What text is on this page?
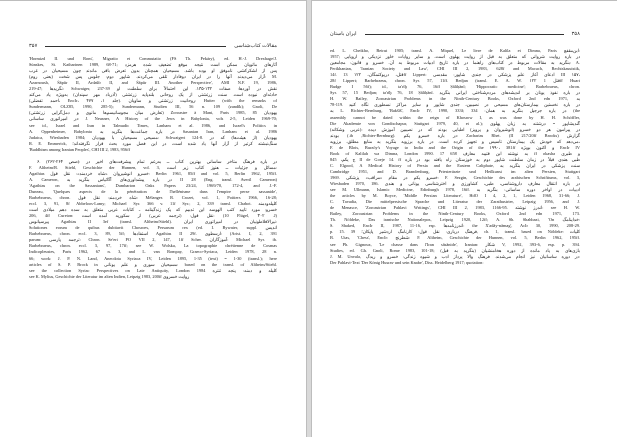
۳۵۷	مقالات کتاب‌شناسی
'Hormizd II. und Rom', Migratio et Commutatio (FS Th. Pekáry), ed. H.-J. Drexhage/J.
Sünskes, St. Katharinen 1989, 68-71; آثارهای ماتویان ممکن است نتیجه موقع تضعیف شده هرمزد
پس از لشکرکشی ناموفق او بوده باشد. مسیحیان همچنان بدون تعرض باقی ماندند چون مسیحیان در غرب
(یعنی روم) آزار می‌دیدند آنها را در ایران دوفادار تلقی می‌کردند. شاپور دوم: جلوس پس شخت: M.
Azarnoush, Šāpūr II, Ardašīr II, and Šāpūr III. Another Perspective', AMI N.F. 19, 1986,
219-47; نگریدها: Schwaiger, 237-39 نقش در آوردها: صفات ۱۳۲-۱۳۵. این احتمالاً برای سلطنت او
حادثه‌ای نبوده است. سنت زرتشتی از یک روحانی بلندپایه زرتشتی (آذرباد مهر سپندان) به‌ویژه یاد می‌کند
(احمد تفضلی، EncIr، جلد ۱، ۴۷۷). روحانیت زرتشتی و ساویان: Hutter (with the remarks of
Sundermann, OLZ85, 1990, 285-5); Sundermann, Studien III, 56 n. 109 (zandīk); Gnoli, De
(تعارض میان مجوسانیسم‌ها مانوی و دمل‌گرایی زرتشتی) Zoroastre à Mani, Paris 1985, 85 یهودیان
در امپراتوری ساسانی: J. Neusner, A History of the Jews in Babylonia, vols 2-5, Leiden 1969-70;
see id., Israel and Iran in Talmudic Times, Lanham et al. 1986, and Israel's Politics in
A. Oppenheimer, Babylonia در باره جماعت‌ها بنگرید به Sasanian Iran, Lanham et al. 1986
Judaica, Wiesbaden 1984; مسیحی مسیحیان با یهودیان: Schwaigert 124-8. یهودیان (از هیئت‌ها) که در
R. E. Emmerick, سنگ‌نبشته کرتیر از آزار آنها یاد شده است، در این فصل مورد بحث قرار نگرفته‌اند؛
'Buddhism among Iranian Peoples', CHI III 2, 1983, 956ff
۶. (صص ۲۶۴-۲۶۲): در باره فرهنگ متأخر ساسانی بهترین کتاب ــ به‌رغم تمام پیشرفت‌های اخیر در
F. Altheim/R. Stiehl, Geschichte der Hunnen, vol. 3, مسائل و جزئیات ــ هنوز کتاب زیر است:
Agathias خسرو انوشیروان «شاه خردمند»: نقل قول: Berlin 1961, 85ff and vol. 5, Berlin 1962, 195ff.
A. Cameron, در باره پیشداوری‌های آگاثیاس بنگرید به II 28 (Eng. transl. Averil Cameron)
'Agathias on the Sassanians', Dumbarton Oaks Papers 23/24, 1969/70, 172-4, and J.-F.
Duneau, 'Quelques aspects de la pénétration de l'hellénisme dans l'empire perse sassanide',
Barhebraeus, chron. شاه خردمند: نقل قول: Mélanges R. Crozet, vol. 1, Poitiers 1966, 16-28;
eccl. 3, 91, 8f Abbeloos-Lamy; Michael Syr. 366 v. 11f Syr.; 2, 339 transl. Chabot. کلیله‌ودمنه
خسرو: مورد تأیید کتب الهوسه این تدبیم که یک زندگینامه ـ کتابات عربی متعلق به سده دهم میلادی است
206, 4ff Cureton: نقل قول: (ترجمه عربی) از سکوریه آمده است: (10 Flügel, ۳۰۲ .J)
پیرسیانوس Agathias II 3ef (transl. Altheim/Stiehl). نیرالافلاطونیان در امپراتوری ایران:
Solutiones eorum de quibus dubitavit Chosroes, Persarum rex (ed. I. Bywater, suppl. اندیس
Barhebraeus, chron. eccl. 3, 89, 5ff; استفادها Agathias II 29f. ارسطوی: (Arist. I, 2, 391
parum: ترجمه پارسی: Chron. Se'ert PO VII 2, 147, 1ff Scher. آموزگاران: Michael Syr. ib.
Barhebraeus, chron. eccl. 3, 97, 17ff; see W. Wolska, La topographie chrétienne de Cosmas
Indicopleustes, Paris 1962, 67 n. 3, and L. van Rompay, Graeco-Syriaca, Leiden 1978, 28 n.
66; work: J. P. N. Land, Anecdota Syriaca IV, Leiden 1895, 1-35 (text) = 1-30 (transl.); here
articles of S. P. Brock in مسیحیان سوری و علم یونانی: based on the transl. of Altheim/Stiehl.
see the collection Syriac Perspectives on Late Antiquity, London 1984 کلیله و دمنه: پنجه تنتره
see K. Mylius, Geschichte der Literatur im alten Indien, Leipzig 1983, 200ff روایت خسروی
ایران باستان	۳۵۸
ed. L. Cheikho, Beirut 1905; transl. A. Miquel, Le livre de Kalila et Dimna, Paris ابن‌مقفع:
1957; در باره روایت شروانی که متعلق به قبل از روایت پهلوی است، و سایر روایات خاور نزدیکی و اروپایی
بنگرید به مقالات مربوط در کتاب‌های راهنما در باره تاریخ ادبیات مربوط به آن. خسرو و قانون: مجامعین: A.
Perikhanian, 'Iranian Society and Law', CHI III 2, 1983, 628f and Macuch, Rechtskasuistik,
14f. قتل، دریوکتمگان، ۱۲۲ 13ff Lippert: ادعای آغاز علم پزشکی در جندی شاپور: مقدسی III ۱۵۷،
28f Lippert; Barhebraeus, chron. Syr. 57, 11ff. Bedjan (transl. E. A. W. ۱۲۲ قتل 1ff Huart
Budge I 56f); id., ta'rīḫ 76, 16ff Ṣāliḥānī; 'Hippocratic medicine'; Barhebraeus, chron.
Syr. 57, 15 Bedjan; ta'rīḫ 76, 18 Ṣāliḥānī. در باره نفوذ یونان بر اندیشه‌های مردم‌شناختی ایرانی بنگرید
H. W. Bailey, Zoroastrian Problems in the Ninth-Century Books, Oxford 2nd edn 1971, به
78-119. در باره نخستین بیمارستان‌های مسیحی در نصیبین، جندی شاپور و سایر مراکز نسطوری نگاه کنید
به L. Richter-Bernburg, 'Bakšīš', EncIr IV, 1990, 333f; در باره جرجیل بنگرید به همان: 334 (the
assembly cannot be dated within the reign of Khosrow I, as was done by H. H. Schöffler,
Die Akademie von Gondischapur, Stuttgart 1979, 40, et al.); گُندیشاپور = درشتنه به زبان پهلوی
(عربی وشکانه): در پیرامون هر دو خسرو (انوشیروان و پرویز) اطبایی بودند که در نصیبین آموزش دیده
بودند (.ib ,Richter-Bernburg). در باره خسرو یکم: Zacharias Rhet. (II 217/20ff Brooks) گزارش
می‌دهد که خودش یک بیمارستان تأسیس و تجهیز کرده است. در باره برزویه بنگرید به منابع مطلق، برزویه،
F. de Blois, Burzōy's Voyage to India and the Origin of the ۱۹۹۰، 381ff و اکنون بویژه EncIr IV
Book of Kalilah wa Dimna, London 1990. به نوشته ابن قتیبه معارف 658 17 ff okasha و طبری
ج یکم، 845 II de Goeje 14. ff طبی هندی قبلاً در زمان سلطنت شاپور دوم به خوزستان راه یافته بود در باره
C. Elgood, A Medical History of Persia and the Eastern Caliphate, سنت پزشکی در ایران بنگرید به
Cambridge 1951, and D. Brandenburg, Priesterärzte und Heilkunst im alten Persien, Stuttgart
1969. خسرو یکم در مقام «مراقب» پزشکی: F. Sezgin, Geschichte des arabischen Schrifttums, vol. 3,
Wiesbaden 1970, 186. در باره انتقال معارف داروشناسی، طبی، کشاورزی و اخترشناسی یونانی و هندی
see M. Ullmann, Islamic Medicine, Edinburgh 1978, 16ff. ادبیات در اواخر دوره ساسانی: بنگرید به
the articles by M. Boyce, 'Middle Persian Literature', HdO I 4, 2, 1, Leiden 1968, 31-66; J.
C. Tavadia, Die mittelpersische Sprache und Literatur der Zarathustrier, Leipzig 1956, and J.
de Menasce, 'Zoroastrian Pahlavi Writings', CHI III 2, 1983, 1166-95. اندرز نوشته: see H. W.
Bailey, Zoroastrian Problems in the Ninth-Century Books, Oxford 2nd edn 1971, 173.
Th. Nöldeke, Das iranische Nationalepos, Leipzig 1920, 12ff; A. Sh. Shahbazi, 'On خداینامگ:
S. Shaked, EncIr II, 1987, 11-16, esp. اندرزنامه‌ها: the X'adāy-nāmag', AcIr 30, 1990, 208-29.
p. 15. فرهنگ درباری: نقل قول: کارنامگ اردشیر پاپکان؛ 39, ch. 1, transl. based on Nöldeke: کلیات
B. Utas, 'Chess', EncIr: شطرنج: F. Altheim, Geschichte der Hunnen, vol. 5, Berlin 1962, 195ff.
see Ph. Gignoux, 'Le chasse dans l'Iran sāsānide', Iranian: شکار V, 1992, 393-6, esp. p. 394.
Studies, ed. Gh. Gnoli, Rome 1983, 101-18; بازی‌های به یاد مانده از دوره هخامنشیان (بنگرید به قبل)
J. M. Unvala, در دوره ساسانیان نیز انجام می‌شدند. فرهنگ والا پرداز ادب و شیوه زندگی: خسرو و ریدگ:
Der Pahlavi-Text 'Der König Husrav und sein Knabe', Diss. Heidelberg 1917; quotation:
